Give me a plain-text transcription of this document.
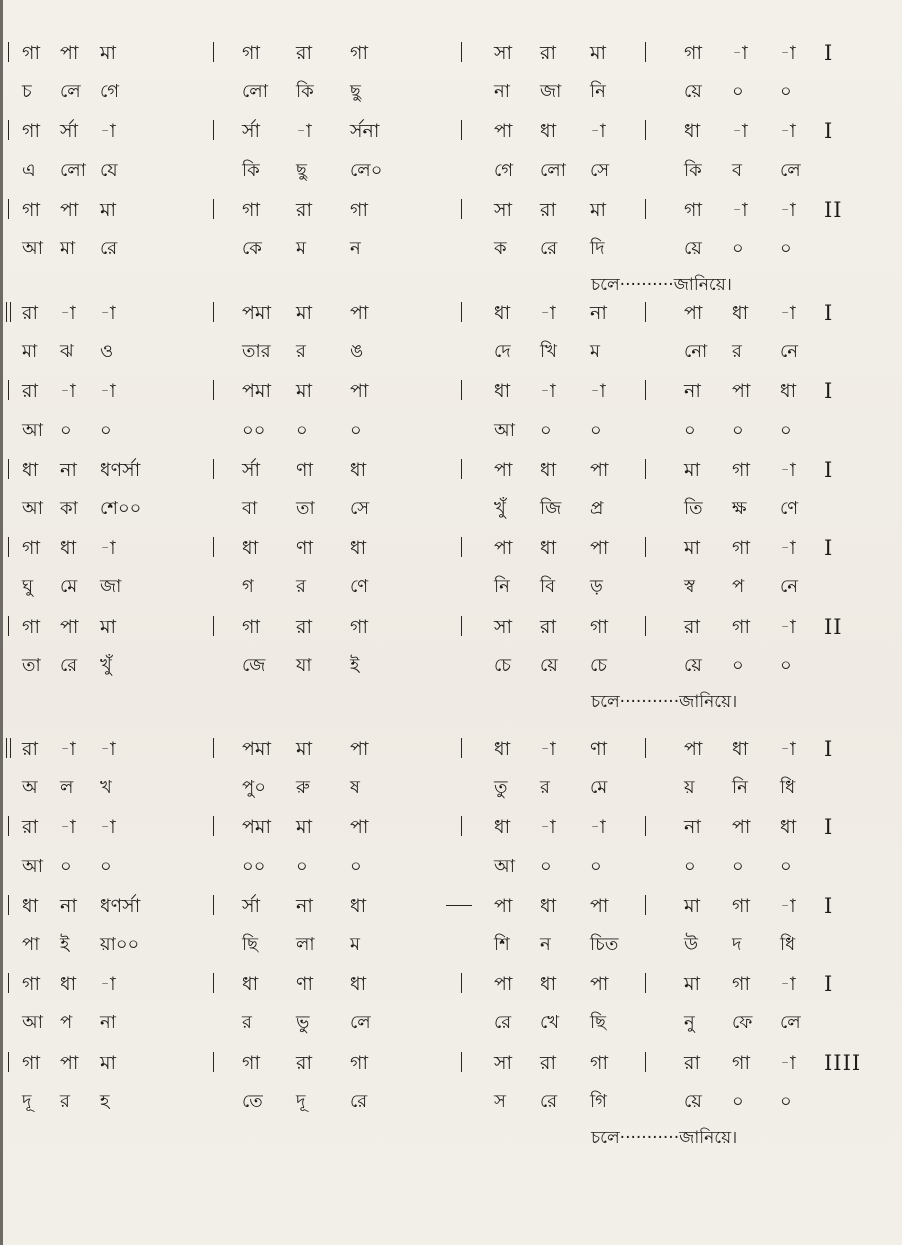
গা পা মা	গা রা গা	সা রা মা	গা -া -া I
চ লে গে	লো কি ছু	না জা নি	য়ে ০ ০
গা র্সা -া	র্সা -া র্সনা	পা ধা -া	ধা -া -া I
এ লো যে	কি ছু লে০	গে লো সে	কি ব লে
গা পা মা	গা রা গা	সা রা মা	গা -া -া II
আ মা রে	কে ম ন	ক রে দি	য়ে ০ ০
চলে··········জানিয়ে।
রা -া -া	পমা মা পা	ধা -া না	পা ধা -া I
মা ঝ ও	তার র ঙ	দে খি ম	নো র নে
রা -া -া	পমা মা পা	ধা -া -া	না পা ধা I
আ ০ ০	০০ ০ ০	আ ০ ০	০ ০ ০
ধা না ধণর্সা	র্সা ণা ধা	পা ধা পা	মা গা -া I
আ কা শে০০	বা তা সে	খুঁ জি প্র	তি ক্ষ ণে
গা ধা -া	ধা ণা ধা	পা ধা পা	মা গা -া I
ঘু মে জা	গ র ণে	নি বি ড়	স্ব প নে
গা পা মা	গা রা গা	সা রা গা	রা গা -া II
তা রে খুঁ	জে যা ই	চে য়ে চে	য়ে ০ ০
চলে···········জানিয়ে।
রা -া -া	পমা মা পা	ধা -া ণা	পা ধা -া I
অ ল খ	পু০ রু ষ	তু র মে	য় নি ধি
রা -া -া	পমা মা পা	ধা -া -া	না পা ধা I
আ ০ ০	০০ ০ ০	আ ০ ০	০ ০ ০
ধা না ধণর্সা	র্সা না ধা	পা ধা পা	মা গা -া I
পা ই য়া০০	ছি লা ম	শি ন চিত	উ দ ধি
গা ধা -া	ধা ণা ধা	পা ধা পা	মা গা -া I
আ প না	র ভু লে	রে খে ছি	নু ফে লে
গা পা মা	গা রা গা	সা রা গা	রা গা -া IIII
দূ র হ	তে দূ রে	স রে গি	য়ে ০ ০
চলে···········জানিয়ে।
